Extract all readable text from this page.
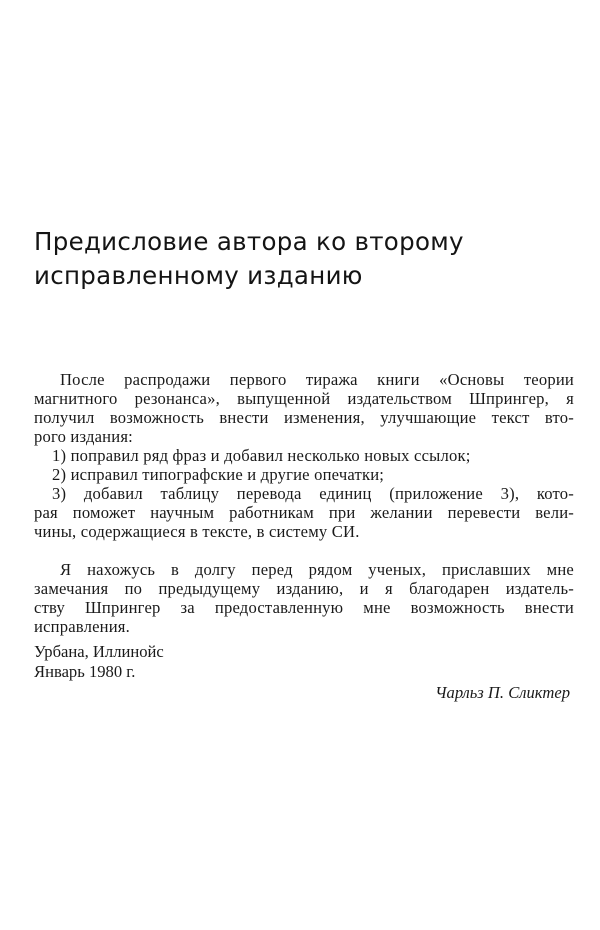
Предисловие автора ко второму
исправленному изданию
После распродажи первого тиража книги «Основы теории
магнитного резонанса», выпущенной издательством Шпрингер, я
получил возможность внести изменения, улучшающие текст вто-
рого издания:
1) поправил ряд фраз и добавил несколько новых ссылок;
2) исправил типографские и другие опечатки;
3) добавил таблицу перевода единиц (приложение 3), кото-
рая поможет научным работникам при желании перевести вели-
чины, содержащиеся в тексте, в систему СИ.
Я нахожусь в долгу перед рядом ученых, приславших мне
замечания по предыдущему изданию, и я благодарен издатель-
ству Шпрингер за предоставленную мне возможность внести
исправления.
Урбана, Иллинойс
Январь 1980 г.
Чарльз П. Сликтер
